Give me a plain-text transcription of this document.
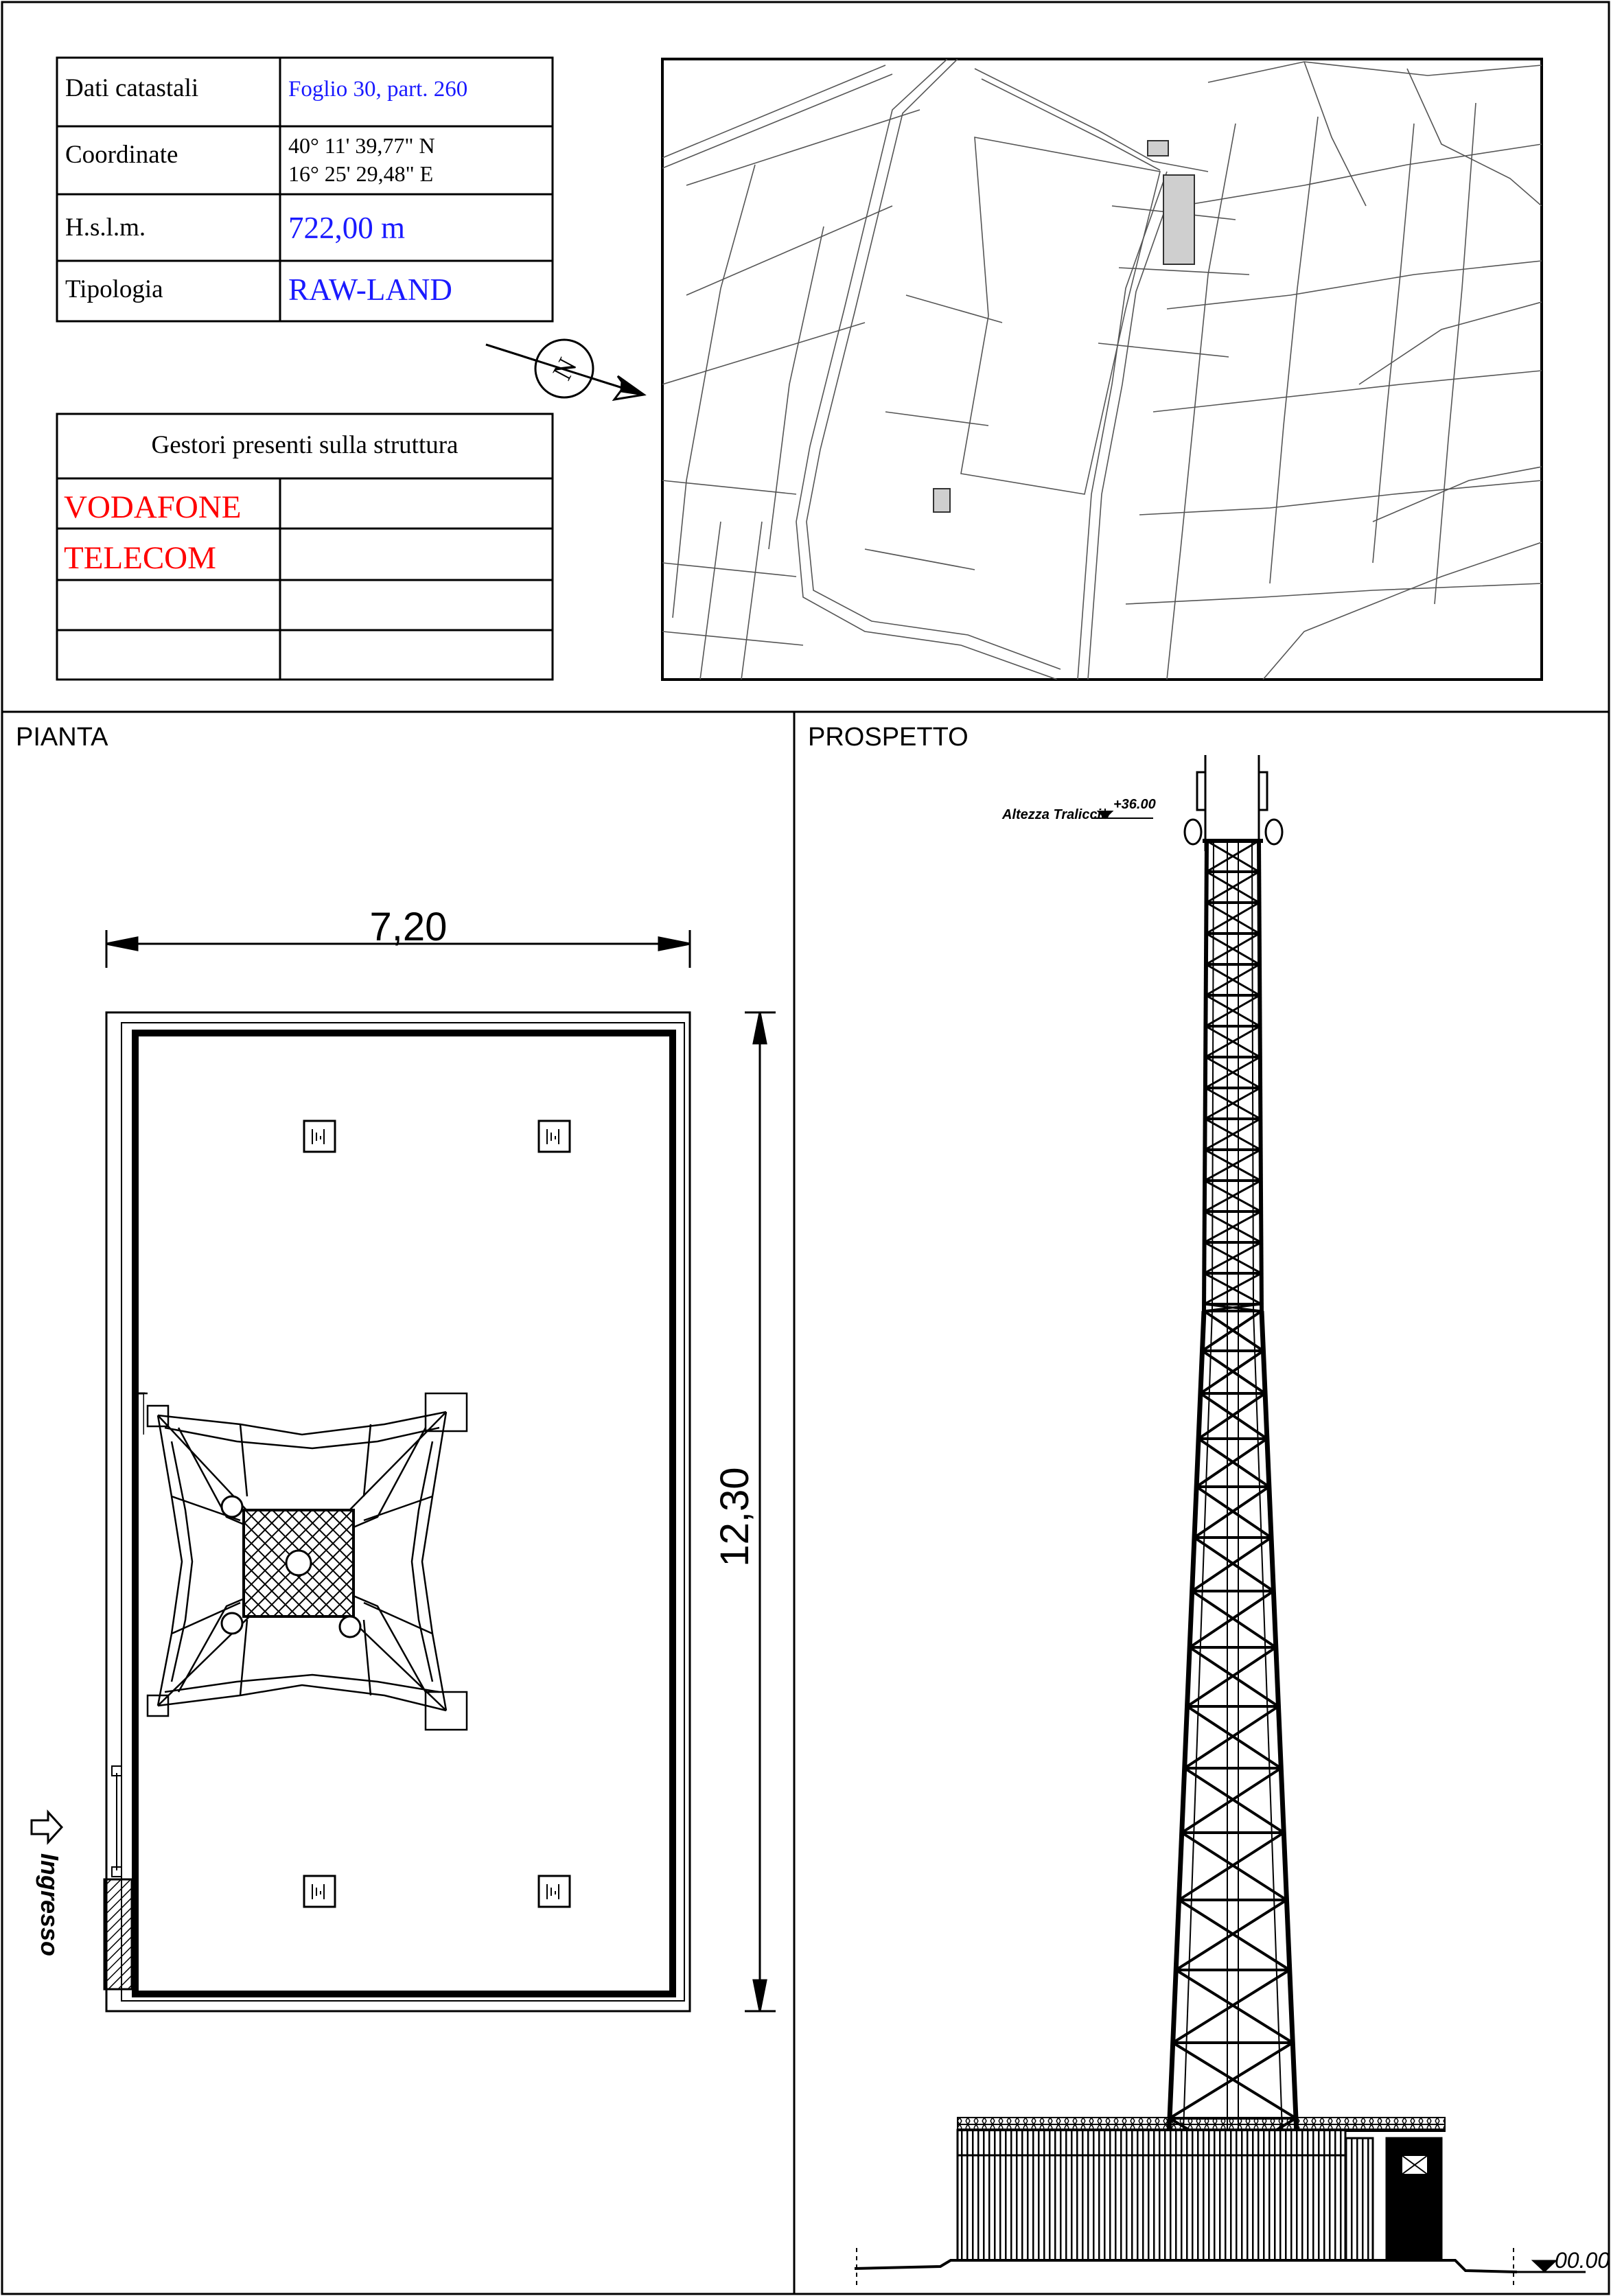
Dati catastali	Foglio 30, part. 260
Coordinate	40° 11' 39,77" N
16° 25' 29,48" E
H.s.l.m.	722,00 m
Tipologia	RAW-LAND
Gestori presenti sulla struttura
VODAFONE
TELECOM
N
PIANTA
7,20
12,30
Ingresso
PROSPETTO
Altezza Traliccio
+36.00
00.00
